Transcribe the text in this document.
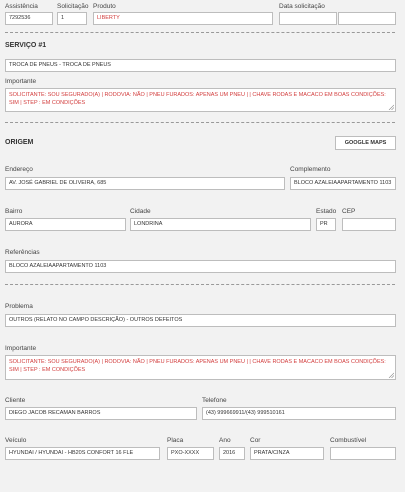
Assistência
7292536
Solicitação
1
Produto
LIBERTY
Data solicitação
SERVIÇO #1
TROCA DE PNEUS - TROCA DE PNEUS
Importante
SOLICITANTE: SOU SEGURADO(A) | RODOVIA: NÃO | PNEU FURADOS: APENAS UM PNEU | | CHAVE RODAS E MACACO EM BOAS CONDIÇÕES: SIM | STEP : EM CONDIÇÕES
ORIGEM	GOOGLE MAPS
Endereço
AV. JOSÉ GABRIEL DE OLIVEIRA, 685
Complemento
BLOCO AZALEIAAPARTAMENTO 1103
Bairro
AURORA
Cidade
LONDRINA
Estado
PR
CEP
Referências
BLOCO AZALEIAAPARTAMENTO 1103
Problema
OUTROS (RELATO NO CAMPO DESCRIÇÃO) - OUTROS DEFEITOS
Importante
SOLICITANTE: SOU SEGURADO(A) | RODOVIA: NÃO | PNEU FURADOS: APENAS UM PNEU | | CHAVE RODAS E MACACO EM BOAS CONDIÇÕES: SIM | STEP : EM CONDIÇÕES
Cliente
DIEGO JACOB RECAMAN BARROS
Telefone
(43) 999669911/(43) 999510161
Veículo
HYUNDAI / HYUNDAI - HB20S CONFORT 16 FLE
Placa
PXO-XXXX
Ano
2016
Cor
PRATA/CINZA
Combustível
